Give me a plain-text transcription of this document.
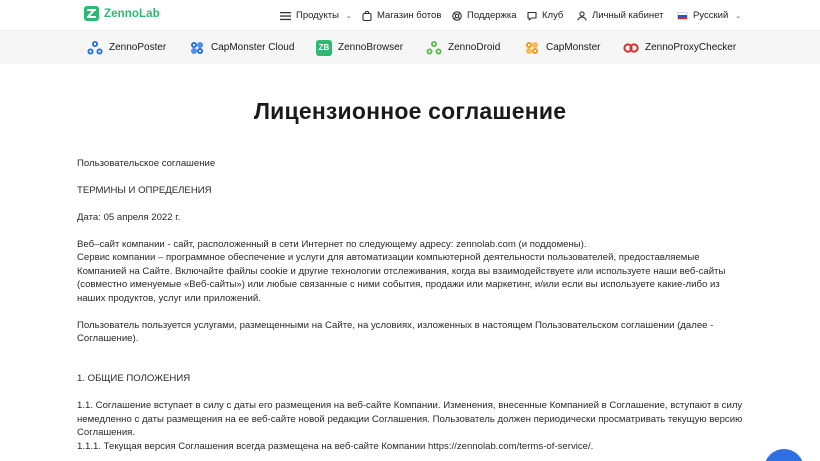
ZennoLab	Продукты ⌄	Магазин ботов	Поддержка	Клуб	Личный кабинет	Русский ⌄
ZennoPoster	CapMonster Cloud	ZB ZennoBrowser	ZennoDroid	CapMonster	ZennoProxyChecker
Лицензионное соглашение

Пользовательское соглашение

ТЕРМИНЫ И ОПРЕДЕЛЕНИЯ

Дата: 05 апреля 2022 г.

Веб–сайт компании - сайт, расположенный в сети Интернет по следующему адресу: zennolab.com (и поддомены).

Сервис компании – программное обеспечение и услуги для автоматизации компьютерной деятельности пользователей, предоставляемые Компанией на Сайте. Включайте файлы cookie и другие технологии отслеживания, когда вы взаимодействуете или используете наши веб-сайты (совместно именуемые «Веб-сайты») или любые связанные с ними события, продажи или маркетинг, и/или если вы используете какие-либо из наших продуктов, услуг или приложений.

Пользователь пользуется услугами, размещенными на Сайте, на условиях, изложенных в настоящем Пользовательском соглашении (далее - Соглашение).

1. ОБЩИЕ ПОЛОЖЕНИЯ

1.1. Соглашение вступает в силу с даты его размещения на веб-сайте Компании. Изменения, внесенные Компанией в Соглашение, вступают в силу немедленно с даты размещения на ее веб-сайте новой редакции Соглашения. Пользователь должен периодически просматривать текущую версию Соглашения.

1.1.1. Текущая версия Соглашения всегда размещена на веб-сайте Компании https://zennolab.com/terms-of-service/.
